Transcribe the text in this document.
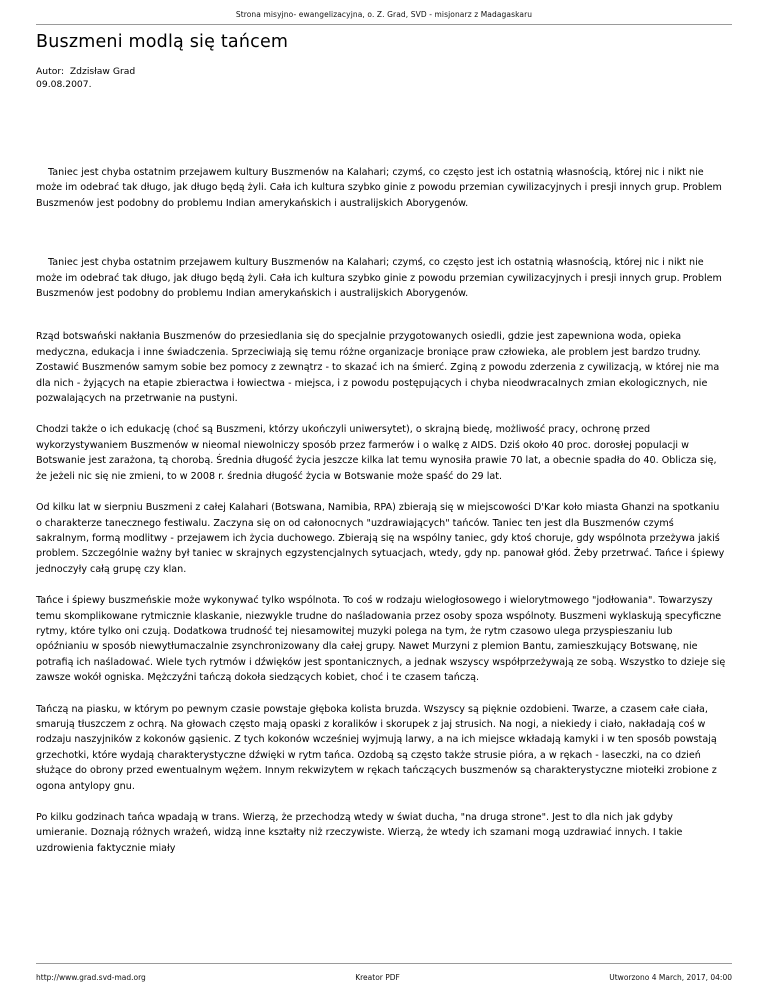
Strona misyjno- ewangelizacyjna, o. Z. Grad, SVD - misjonarz z Madagaskaru
Buszmeni modlą się tańcem
Autor:  Zdzisław Grad
09.08.2007.

Taniec jest chyba ostatnim przejawem kultury Buszmenów na Kalahari; czymś, co często jest ich ostatnią własnością, której nic i nikt nie może im odebrać tak długo, jak długo będą żyli. Cała ich kultura szybko ginie z powodu przemian cywilizacyjnych i presji innych grup. Problem Buszmenów jest podobny do problemu Indian amerykańskich i australijskich Aborygenów.

Taniec jest chyba ostatnim przejawem kultury Buszmenów na Kalahari; czymś, co często jest ich ostatnią własnością, której nic i nikt nie może im odebrać tak długo, jak długo będą żyli. Cała ich kultura szybko ginie z powodu przemian cywilizacyjnych i presji innych grup. Problem Buszmenów jest podobny do problemu Indian amerykańskich i australijskich Aborygenów.

Rząd botswański nakłania Buszmenów do przesiedlania się do specjalnie przygotowanych osiedli, gdzie jest zapewniona woda, opieka medyczna, edukacja i inne świadczenia. Sprzeciwiają się temu różne organizacje broniące praw człowieka, ale problem jest bardzo trudny. Zostawić Buszmenów samym sobie bez pomocy z zewnątrz - to skazać ich na śmierć. Zginą z powodu zderzenia z cywilizacją, w której nie ma dla nich - żyjących na etapie zbieractwa i łowiectwa - miejsca, i z powodu postępujących i chyba nieodwracalnych zmian ekologicznych, nie pozwalających na przetrwanie na pustyni.

Chodzi także o ich edukację (choć są Buszmeni, którzy ukończyli uniwersytet), o skrajną biedę, możliwość pracy, ochronę przed wykorzystywaniem Buszmenów w nieomal niewolniczy sposób przez farmerów i o walkę z AIDS. Dziś około 40 proc. dorosłej populacji w Botswanie jest zarażona, tą chorobą. Średnia długość życia jeszcze kilka lat temu wynosiła prawie 70 lat, a obecnie spadła do 40. Oblicza się, że jeżeli nic się nie zmieni, to w 2008 r. średnia długość życia w Botswanie może spaść do 29 lat.

Od kilku lat w sierpniu Buszmeni z całej Kalahari (Botswana, Namibia, RPA) zbierają się w miejscowości D'Kar koło miasta Ghanzi na spotkaniu o charakterze tanecznego festiwalu. Zaczyna się on od całonocnych "uzdrawiających" tańców. Taniec ten jest dla Buszmenów czymś sakralnym, formą modlitwy - przejawem ich życia duchowego. Zbierają się na wspólny taniec, gdy ktoś choruje, gdy wspólnota przeżywa jakiś problem. Szczególnie ważny był taniec w skrajnych egzystencjalnych sytuacjach, wtedy, gdy np. panował głód. Żeby przetrwać. Tańce i śpiewy jednoczyły całą grupę czy klan.

Tańce i śpiewy buszmeńskie może wykonywać tylko wspólnota. To coś w rodzaju wielogłosowego i wielorytmowego "jodłowania". Towarzyszy temu skomplikowane rytmicznie klaskanie, niezwykle trudne do naśladowania przez osoby spoza wspólnoty. Buszmeni wyklaskują specyficzne rytmy, które tylko oni czują. Dodatkowa trudność tej niesamowitej muzyki polega na tym, że rytm czasowo ulega przyspieszaniu lub opóźnianiu w sposób niewytłumaczalnie zsynchronizowany dla całej grupy. Nawet Murzyni z plemion Bantu, zamieszkujący Botswanę, nie potrafią ich naśladować. Wiele tych rytmów i dźwięków jest spontanicznych, a jednak wszyscy współprzeżywają ze sobą. Wszystko to dzieje się zawsze wokół ogniska. Mężczyźni tańczą dokoła siedzących kobiet, choć i te czasem tańczą.

Tańczą na piasku, w którym po pewnym czasie powstaje głęboka kolista bruzda. Wszyscy są pięknie ozdobieni. Twarze, a czasem całe ciała, smarują tłuszczem z ochrą. Na głowach często mają opaski z koralików i skorupek z jaj strusich. Na nogi, a niekiedy i ciało, nakładają coś w rodzaju naszyjników z kokonów gąsienic. Z tych kokonów wcześniej wyjmują larwy, a na ich miejsce wkładają kamyki i w ten sposób powstają grzechotki, które wydają charakterystyczne dźwięki w rytm tańca. Ozdobą są często także strusie pióra, a w rękach - laseczki, na co dzień służące do obrony przed ewentualnym wężem. Innym rekwizytem w rękach tańczących buszmenów są charakterystyczne miotełki zrobione z ogona antylopy gnu.

Po kilku godzinach tańca wpadają w trans. Wierzą, że przechodzą wtedy w świat ducha, "na druga strone". Jest to dla nich jak gdyby umieranie. Doznają różnych wrażeń, widzą inne kształty niż rzeczywiste. Wierzą, że wtedy ich szamani mogą uzdrawiać innych. I takie uzdrowienia faktycznie miały

http://www.grad.svd-mad.org	Kreator PDF	Utworzono 4 March, 2017, 04:00
